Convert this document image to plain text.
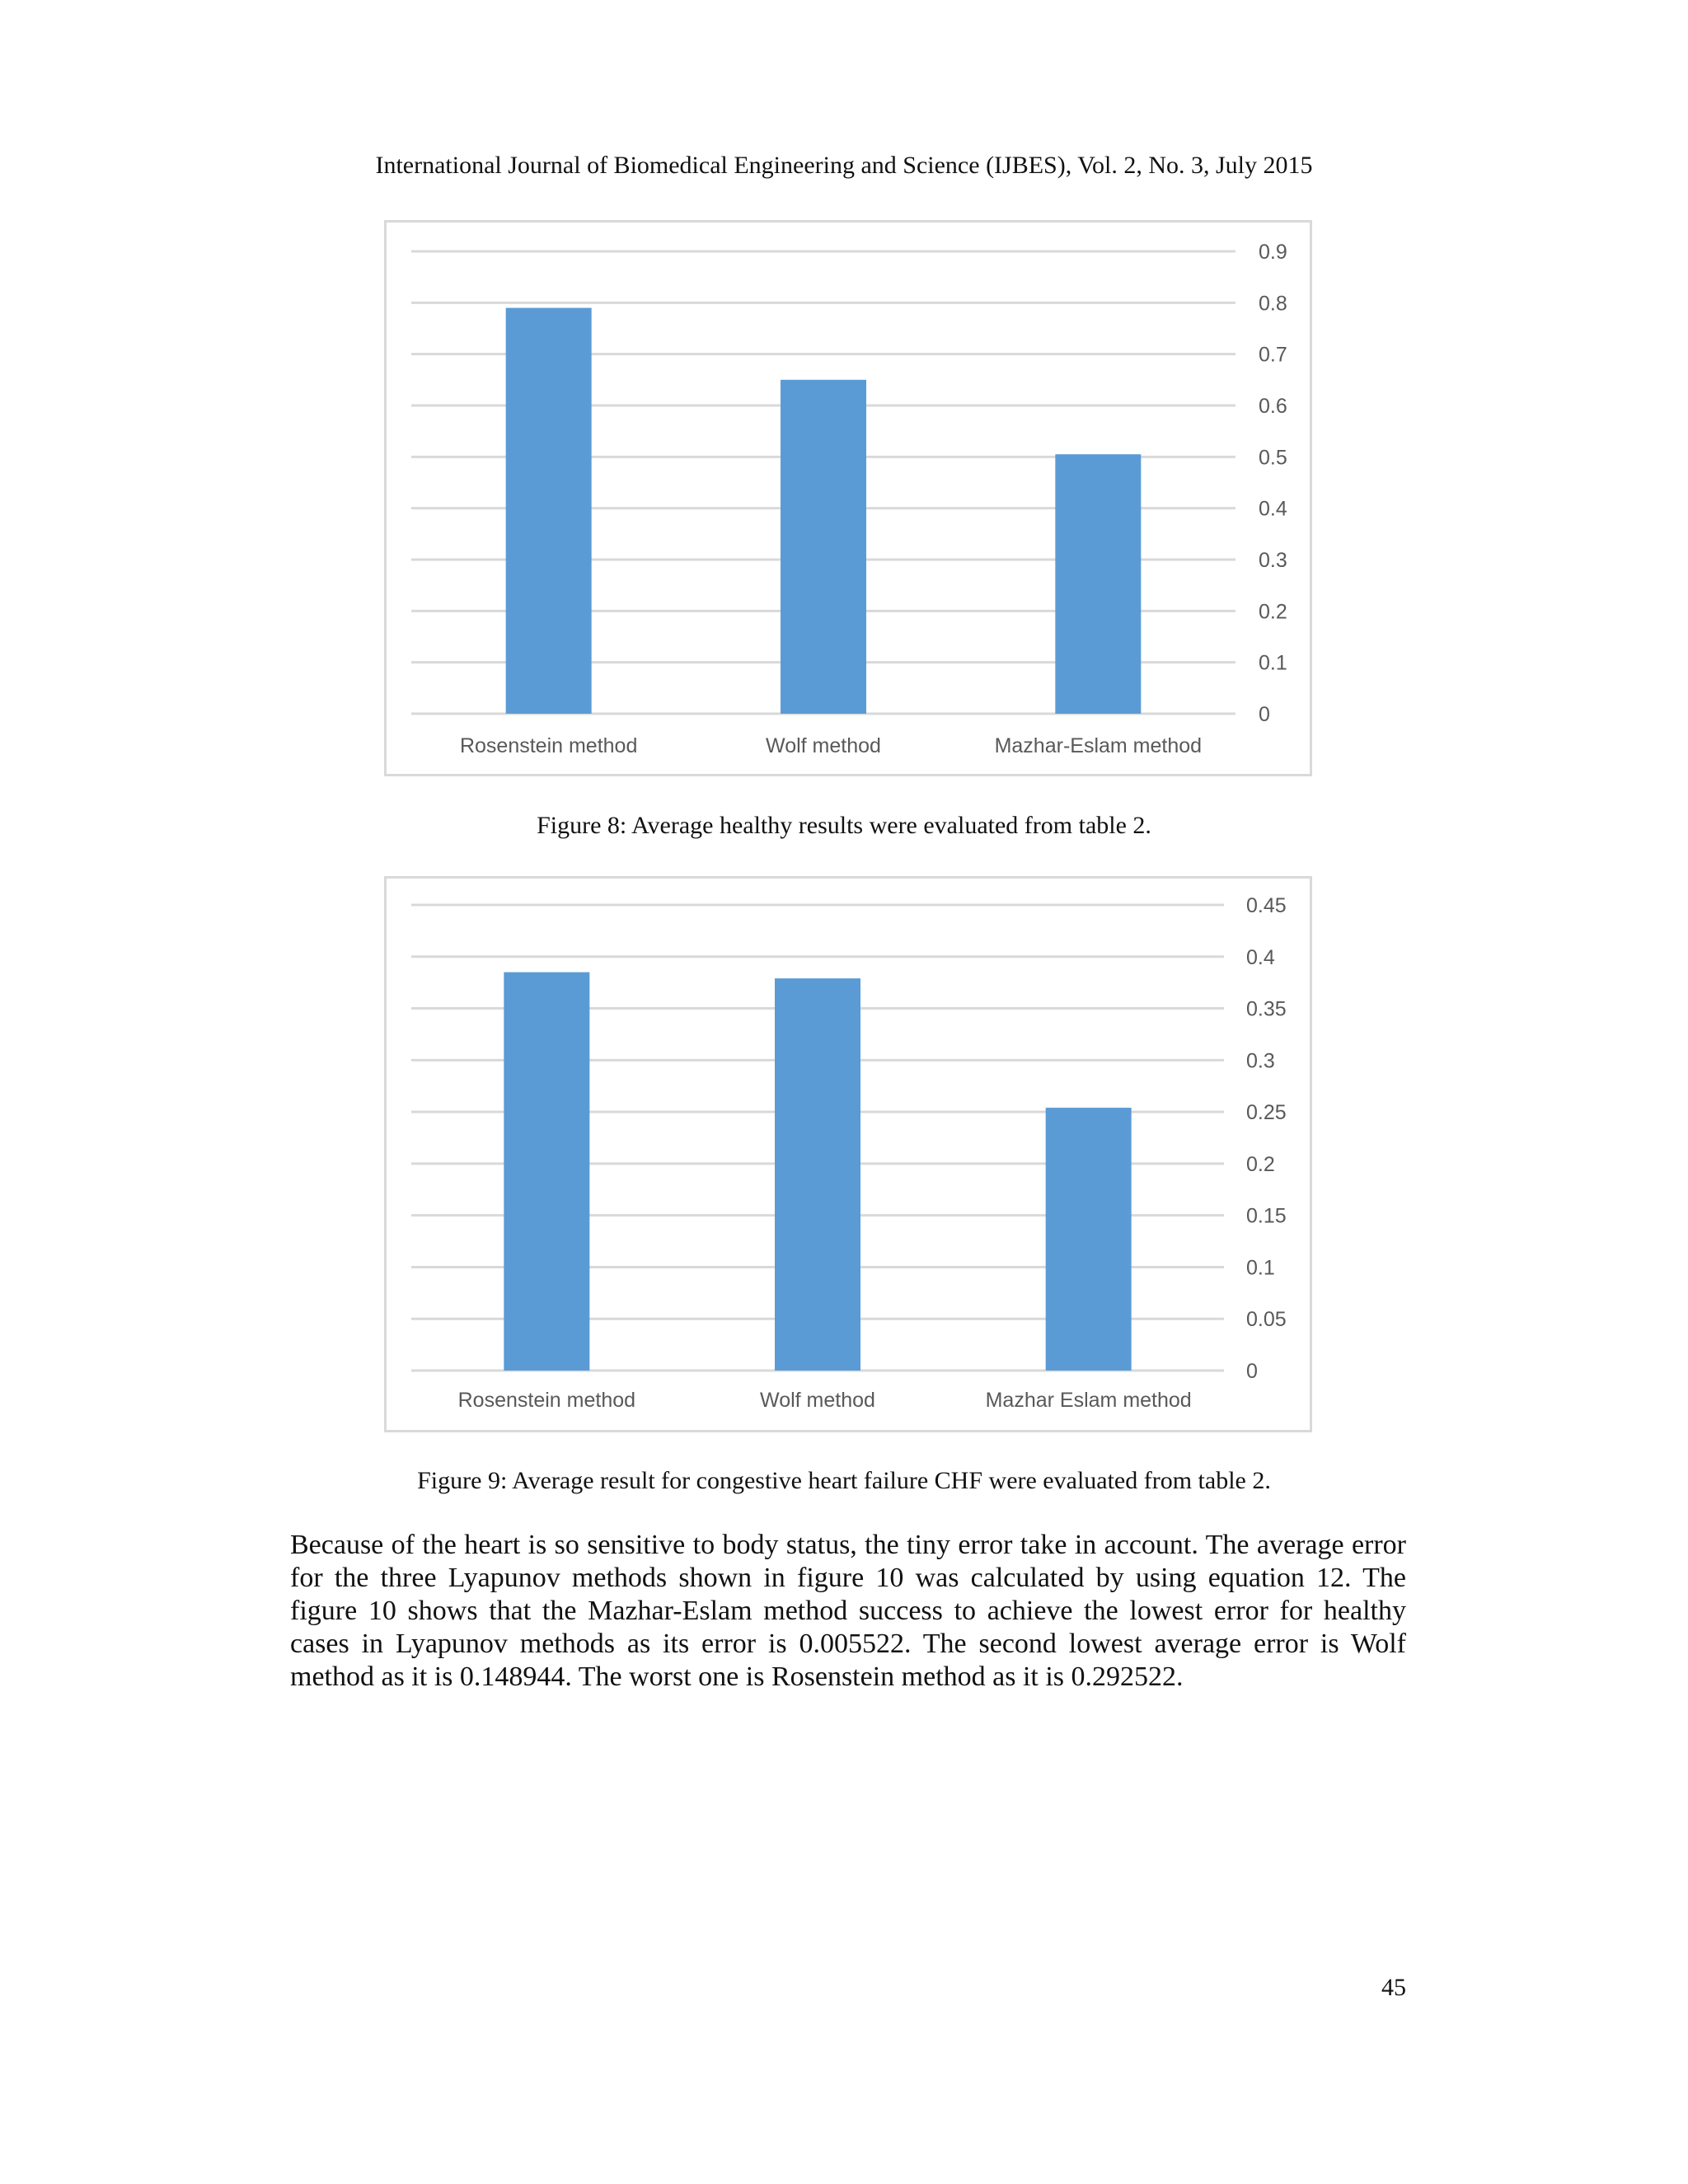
International Journal of Biomedical Engineering and Science (IJBES), Vol. 2, No. 3, July 2015
0
0.1
0.2
0.3
0.4
0.5
0.6
0.7
0.8
0.9
Rosenstein method	Wolf method	Mazhar-Eslam method
Figure 8: Average healthy results were evaluated from table 2.
0
0.05
0.1
0.15
0.2
0.25
0.3
0.35
0.4
0.45
Rosenstein method	Wolf method	Mazhar Eslam method
Figure 9: Average result for congestive heart failure CHF were evaluated from table 2.

Because of the heart is so sensitive to body status, the tiny error take in account. The average error for the three Lyapunov methods shown in figure 10 was calculated by using equation 12. The figure 10 shows that the Mazhar-Eslam method success to achieve the lowest error for healthy cases in Lyapunov methods as its error is 0.005522. The second lowest average error is Wolf method as it is 0.148944. The worst one is Rosenstein method as it is 0.292522.

45
